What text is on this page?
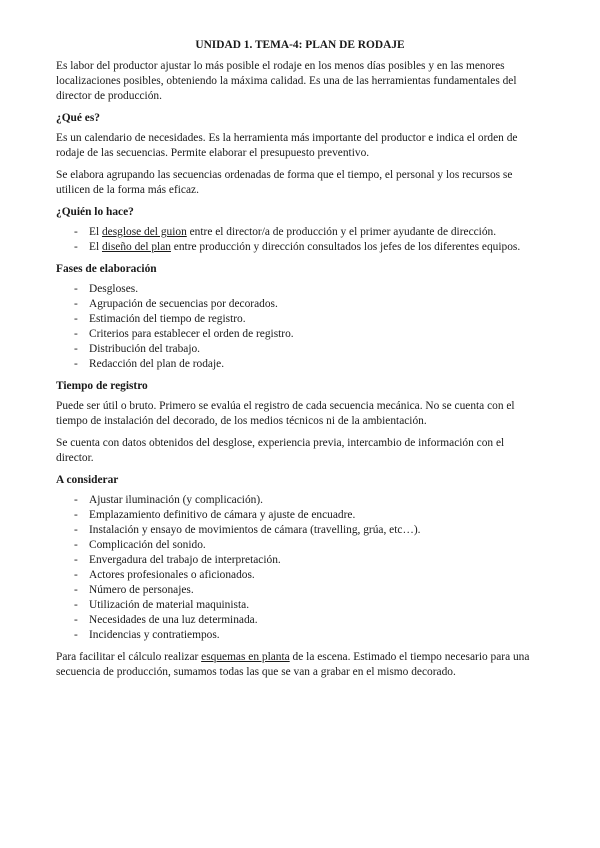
UNIDAD 1. TEMA-4: PLAN DE RODAJE

Es labor del productor ajustar lo más posible el rodaje en los menos días posibles y en las menores localizaciones posibles, obteniendo la máxima calidad. Es una de las herramientas fundamentales del director de producción.

¿Qué es?

Es un calendario de necesidades. Es la herramienta más importante del productor e indica el orden de rodaje de las secuencias. Permite elaborar el presupuesto preventivo.

Se elabora agrupando las secuencias ordenadas de forma que el tiempo, el personal y los recursos se utilicen de la forma más eficaz.

¿Quién lo hace?
- El desglose del guion entre el director/a de producción y el primer ayudante de dirección.
- El diseño del plan entre producción y dirección consultados los jefes de los diferentes equipos.
Fases de elaboración
- Desgloses.
- Agrupación de secuencias por decorados.
- Estimación del tiempo de registro.
- Criterios para establecer el orden de registro.
- Distribución del trabajo.
- Redacción del plan de rodaje.
Tiempo de registro

Puede ser útil o bruto. Primero se evalúa el registro de cada secuencia mecánica. No se cuenta con el tiempo de instalación del decorado, de los medios técnicos ni de la ambientación.

Se cuenta con datos obtenidos del desglose, experiencia previa, intercambio de información con el director.

A considerar
- Ajustar iluminación (y complicación).
- Emplazamiento definitivo de cámara y ajuste de encuadre.
- Instalación y ensayo de movimientos de cámara (travelling, grúa, etc…).
- Complicación del sonido.
- Envergadura del trabajo de interpretación.
- Actores profesionales o aficionados.
- Número de personajes.
- Utilización de material maquinista.
- Necesidades de una luz determinada.
- Incidencias y contratiempos.

Para facilitar el cálculo realizar esquemas en planta de la escena. Estimado el tiempo necesario para una secuencia de producción, sumamos todas las que se van a grabar en el mismo decorado.
